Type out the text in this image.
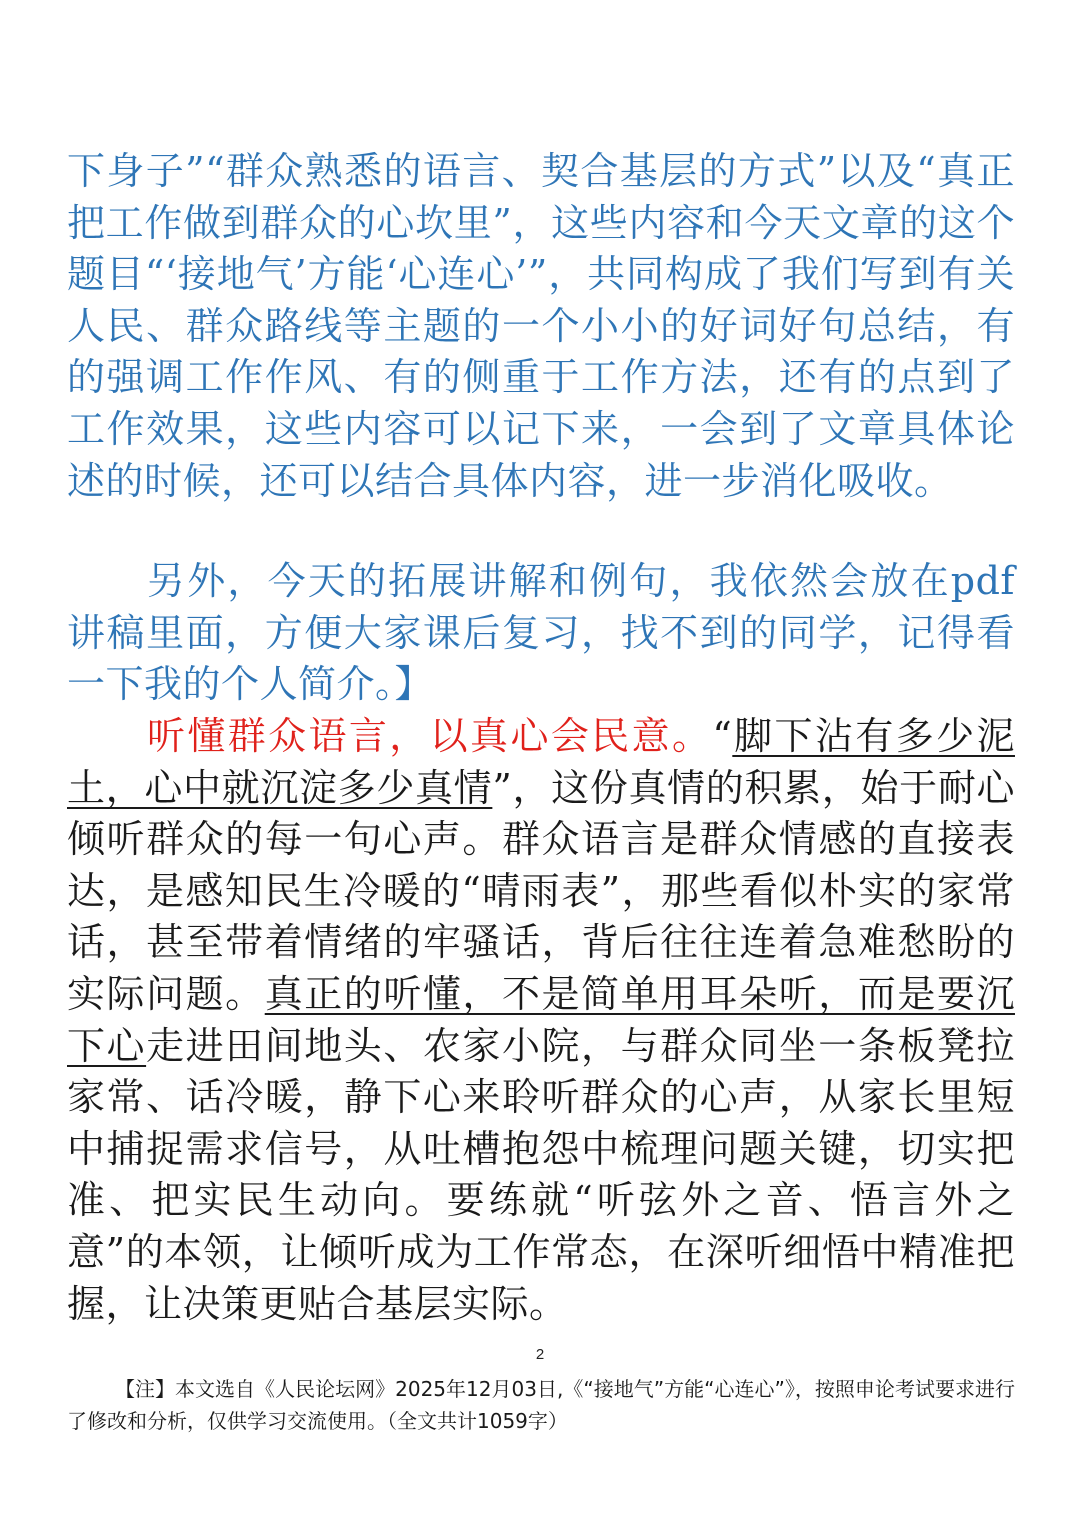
下身子”“群众熟悉的语言、契合基层的方式”以及“真正把工作做到群众的心坎里”，这些内容和今天文章的这个题目“‘接地气’方能‘心连心’”，共同构成了我们写到有关人民、群众路线等主题的一个小小的好词好句总结，有的强调工作作风、有的侧重于工作方法，还有的点到了工作效果，这些内容可以记下来，一会到了文章具体论述的时候，还可以结合具体内容，进一步消化吸收。

另外，今天的拓展讲解和例句，我依然会放在pdf讲稿里面，方便大家课后复习，找不到的同学，记得看一下我的个人简介。】

听懂群众语言，以真心会民意。“脚下沾有多少泥土，心中就沉淀多少真情”，这份真情的积累，始于耐心倾听群众的每一句心声。群众语言是群众情感的直接表达，是感知民生冷暖的“晴雨表”，那些看似朴实的家常话，甚至带着情绪的牢骚话，背后往往连着急难愁盼的实际问题。真正的听懂，不是简单用耳朵听，而是要沉下心走进田间地头、农家小院，与群众同坐一条板凳拉家常、话冷暖，静下心来聆听群众的心声，从家长里短中捕捉需求信号，从吐槽抱怨中梳理问题关键，切实把准、把实民生动向。要练就“听弦外之音、悟言外之意”的本领，让倾听成为工作常态，在深听细悟中精准把握，让决策更贴合基层实际。

2

【注】本文选自《人民论坛网》2025年12月03日,《“接地气”方能“心连心”》，按照申论考试要求进行了修改和分析，仅供学习交流使用。（全文共计1059字）
